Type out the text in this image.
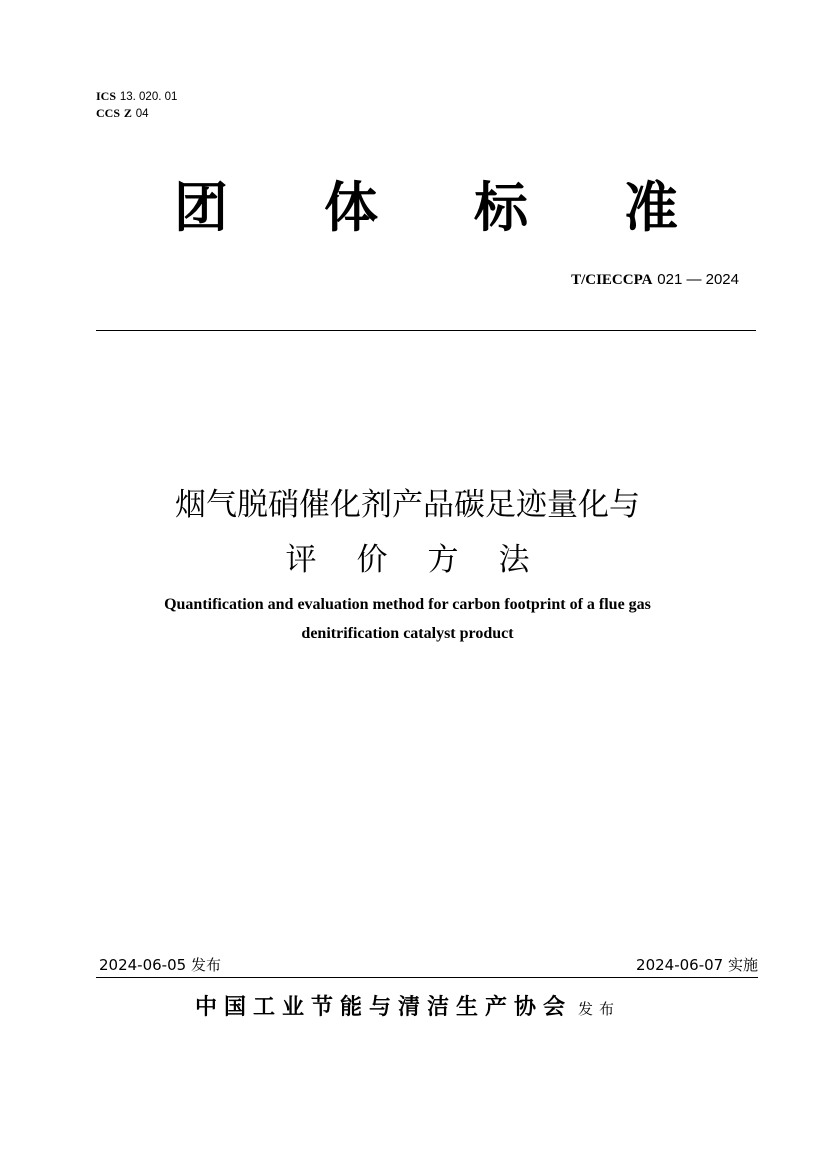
ICS 13. 020. 01
CCS Z 04
团 体 标 准
T/CIECCPA 021 — 2024
烟气脱硝催化剂产品碳足迹量化与
评 价 方 法
Quantification and evaluation method for carbon footprint of a flue gas
denitrification catalyst product
2024-06-05 发布	2024-06-07 实施
中国工业节能与清洁生产协会 发布
